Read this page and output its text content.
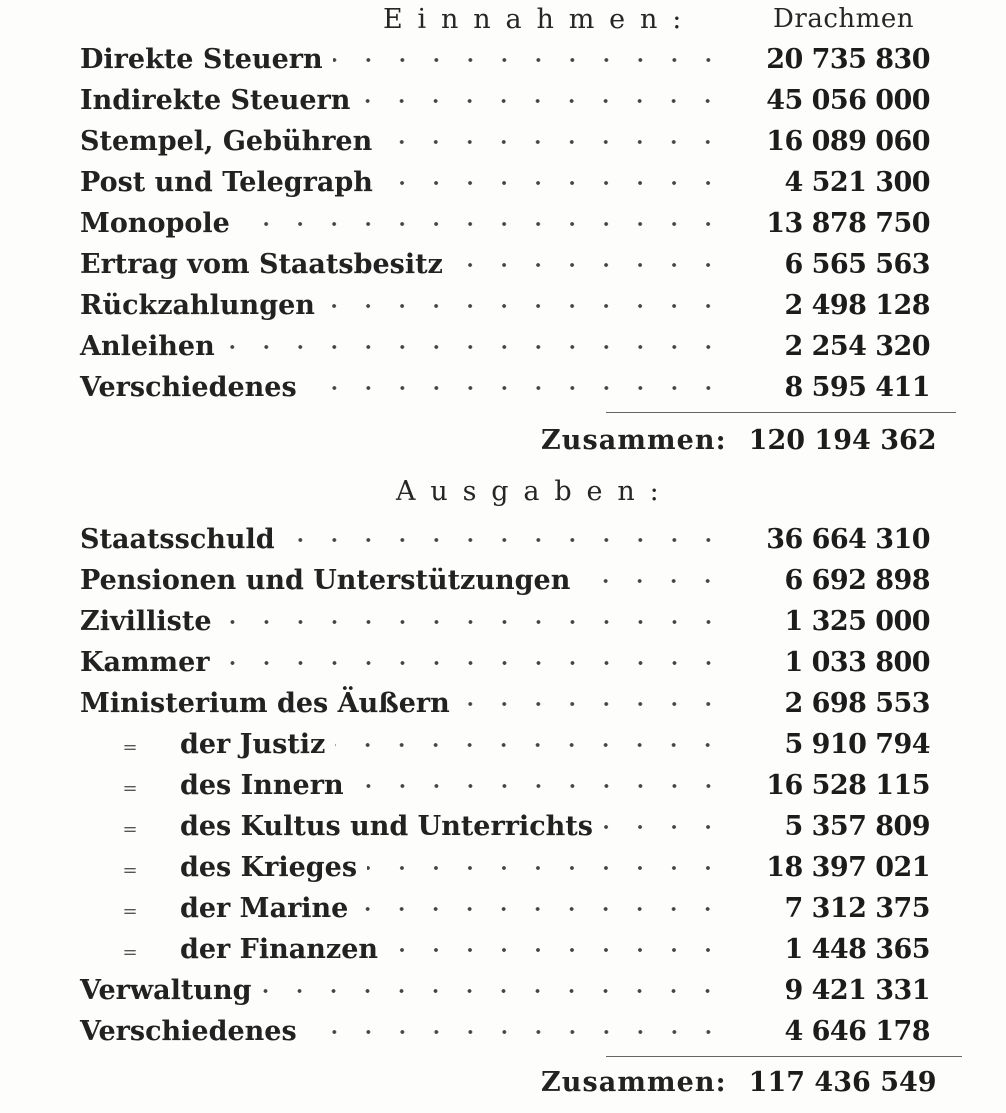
Einnahmen:	Drachmen
Direkte Steuern	20 735 830
Indirekte Steuern	45 056 000
Stempel, Gebühren	16 089 060
Post und Telegraph	4 521 300
Monopole	13 878 750
Ertrag vom Staatsbesitz	6 565 563
Rückzahlungen	2 498 128
Anleihen	2 254 320
Verschiedenes	8 595 411
Zusammen: 120 194 362
Ausgaben:
Staatsschuld	36 664 310
Pensionen und Unterstützungen	6 692 898
Zivilliste	1 325 000
Kammer	1 033 800
Ministerium des Äußern	2 698 553
=	der Justiz	5 910 794
=	des Innern	16 528 115
=	des Kultus und Unterrichts	5 357 809
=	des Krieges	18 397 021
=	der Marine	7 312 375
=	der Finanzen	1 448 365
Verwaltung	9 421 331
Verschiedenes	4 646 178
Zusammen: 117 436 549
